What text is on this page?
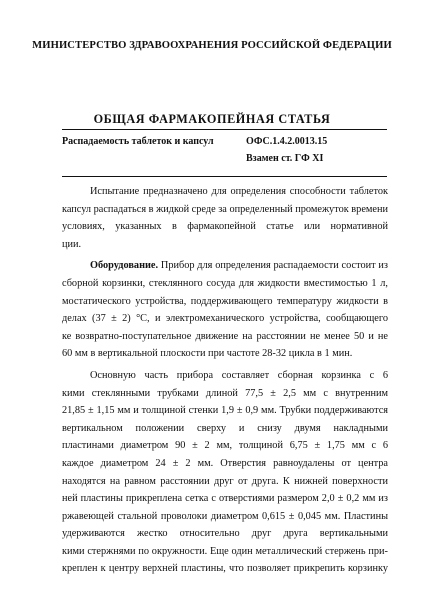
МИНИСТЕРСТВО ЗДРАВООХРАНЕНИЯ РОССИЙСКОЙ ФЕДЕРАЦИИ
ОБЩАЯ ФАРМАКОПЕЙНАЯ СТАТЬЯ
Распадаемость таблеток и капсул	ОФС.1.4.2.0013.15
Взамен ст. ГФ XI
Испытание предназначено для определения способности таблеток
капсул распадаться в жидкой среде за определенный промежуток времени
условиях, указанных в фармакопейной статье или нормативной
ции.
Оборудование. Прибор для определения распадаемости состоит из
сборной корзинки, стеклянного сосуда для жидкости вместимостью 1 л,
мостатического устройства, поддерживающего температуру жидкости в
делах (37 ± 2) °С, и электромеханического устройства, сообщающего
ке возвратно-поступательное движение на расстоянии не менее 50 и не
60 мм в вертикальной плоскости при частоте 28-32 цикла в 1 мин.
Основную часть прибора составляет сборная корзинка с 6
кими стеклянными трубками длиной 77,5 ± 2,5 мм с внутренним
21,85 ± 1,15 мм и толщиной стенки 1,9 ± 0,9 мм. Трубки поддерживаются
вертикальном положении сверху и снизу двумя накладными
пластинами диаметром 90 ± 2 мм, толщиной 6,75 ± 1,75 мм с 6
каждое диаметром 24 ± 2 мм. Отверстия равноудалены от центра
находятся на равном расстоянии друг от друга. К нижней поверхности
ней пластины прикреплена сетка с отверстиями размером 2,0 ± 0,2 мм из
ржавеющей стальной проволоки диаметром 0,615 ± 0,045 мм. Пластины
удерживаются жестко относительно друг друга вертикальными
кими стержнями по окружности. Еще один металлический стержень при-
креплен к центру верхней пластины, что позволяет прикрепить корзинку
